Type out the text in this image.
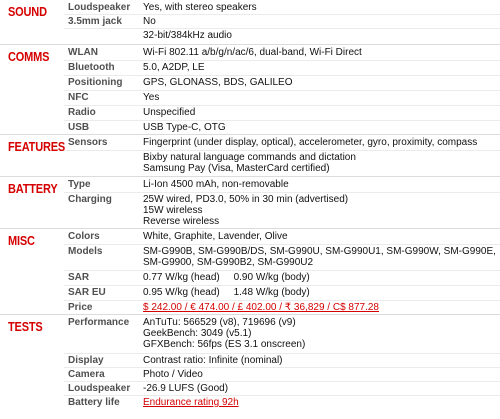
SOUND Loudspeaker	Yes, with stereo speakers
3.5mm jack	No
32-bit/384kHz audio
COMMS WLAN	Wi-Fi 802.11 a/b/g/n/ac/6, dual-band, Wi-Fi Direct
Bluetooth	5.0, A2DP, LE
Positioning	GPS, GLONASS, BDS, GALILEO
NFC	Yes
Radio	Unspecified
USB	USB Type-C, OTG
FEATURES Sensors	Fingerprint (under display, optical), accelerometer, gyro, proximity, compass
Bixby natural language commands and dictation
Samsung Pay (Visa, MasterCard certified)
BATTERY Type	Li-Ion 4500 mAh, non-removable
Charging	25W wired, PD3.0, 50% in 30 min (advertised)
15W wireless
Reverse wireless
MISC	Colors	White, Graphite, Lavender, Olive
Models	SM-G990B, SM-G990B/DS, SM-G990U, SM-G990U1, SM-G990W, SM-G990E,
SM-G9900, SM-G990B2, SM-G990U2
SAR	0.77 W/kg (head)     0.90 W/kg (body)
SAR EU	0.95 W/kg (head)     1.48 W/kg (body)
Price	$ 242.00 / € 474.00 / £ 402.00 / ₹ 36,829 / C$ 877.28
TESTS	Performance	AnTuTu: 566529 (v8), 719696 (v9)
GeekBench: 3049 (v5.1)
GFXBench: 56fps (ES 3.1 onscreen)
Display	Contrast ratio: Infinite (nominal)
Camera	Photo / Video
Loudspeaker	-26.9 LUFS (Good)
Battery life	Endurance rating 92h
